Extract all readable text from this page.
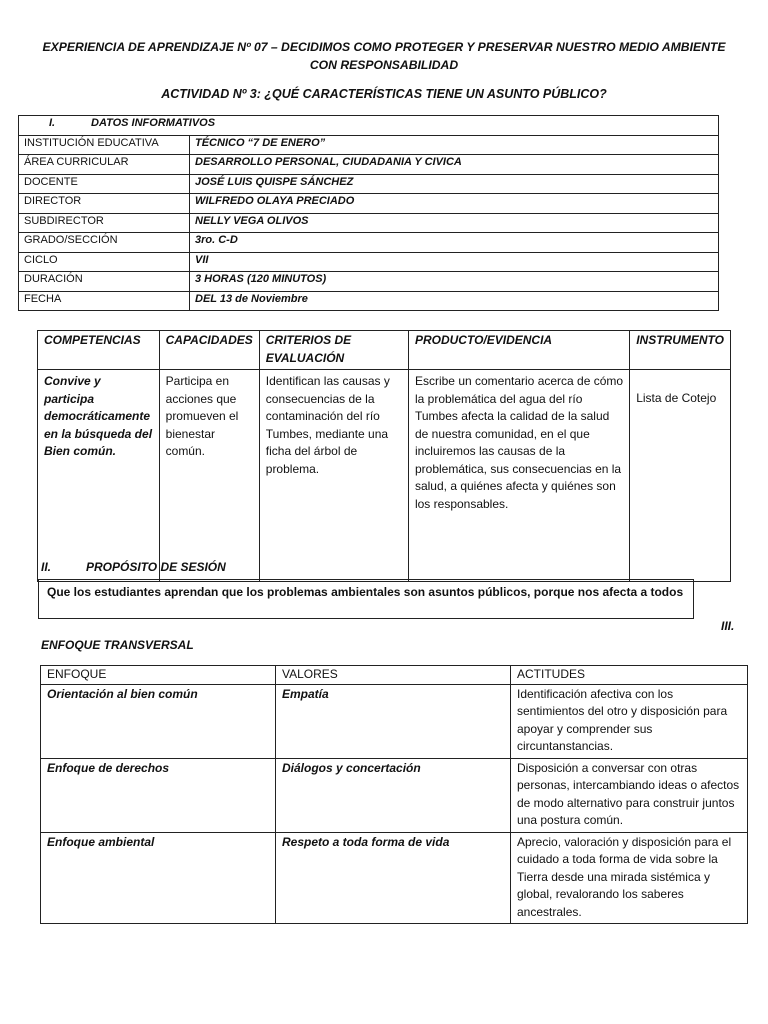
EXPERIENCIA DE APRENDIZAJE Nº 07 – DECIDIMOS COMO PROTEGER Y PRESERVAR NUESTRO MEDIO AMBIENTE CON RESPONSABILIDAD
ACTIVIDAD Nº 3: ¿QUÉ CARACTERÍSTICAS TIENE UN ASUNTO PÚBLICO?
I. DATOS INFORMATIVOS	
INSTITUCIÓN EDUCATIVA	TÉCNICO “7 DE ENERO”
ÁREA CURRICULAR	DESARROLLO PERSONAL, CIUDADANIA Y CIVICA
DOCENTE	JOSÉ LUIS QUISPE SÁNCHEZ
DIRECTOR	WILFREDO OLAYA PRECIADO
SUBDIRECTOR	NELLY VEGA OLIVOS
GRADO/SECCIÓN	3ro. C-D
CICLO	VII
DURACIÓN	3 HORAS (120 MINUTOS)
FECHA	DEL 13 de Noviembre
COMPETENCIAS	CAPACIDADES	CRITERIOS DE EVALUACIÓN	PRODUCTO/EVIDENCIA	INSTRUMENTO
Convive y participa democráticamente en la búsqueda del Bien común.	Participa en acciones que promueven el bienestar común.	Identifican las causas y consecuencias de la contaminación del río Tumbes, mediante una ficha del árbol de problema.	Escribe un comentario acerca de cómo la problemática del agua del río Tumbes afecta la calidad de la salud de nuestra comunidad, en el que incluiremos las causas de la problemática, sus consecuencias en la salud, a quiénes afecta y quiénes son los responsables.	Lista de Cotejo
II.	PROPÓSITO DE SESIÓN
Que los estudiantes aprendan que los problemas ambientales son asuntos públicos, porque nos afecta a todos
III.
ENFOQUE TRANSVERSAL
ENFOQUE	VALORES	ACTITUDES
Orientación al bien común	Empatía	Identificación afectiva con los sentimientos del otro y disposición para apoyar y comprender sus circuntanstancias.
Enfoque de derechos	Diálogos y concertación	Disposición a conversar con otras personas, intercambiando ideas o afectos de modo alternativo para construir juntos una postura común.
Enfoque ambiental	Respeto a toda forma de vida	Aprecio, valoración y disposición para el cuidado a toda forma de vida sobre la Tierra desde una mirada sistémica y global, revalorando los saberes ancestrales.
